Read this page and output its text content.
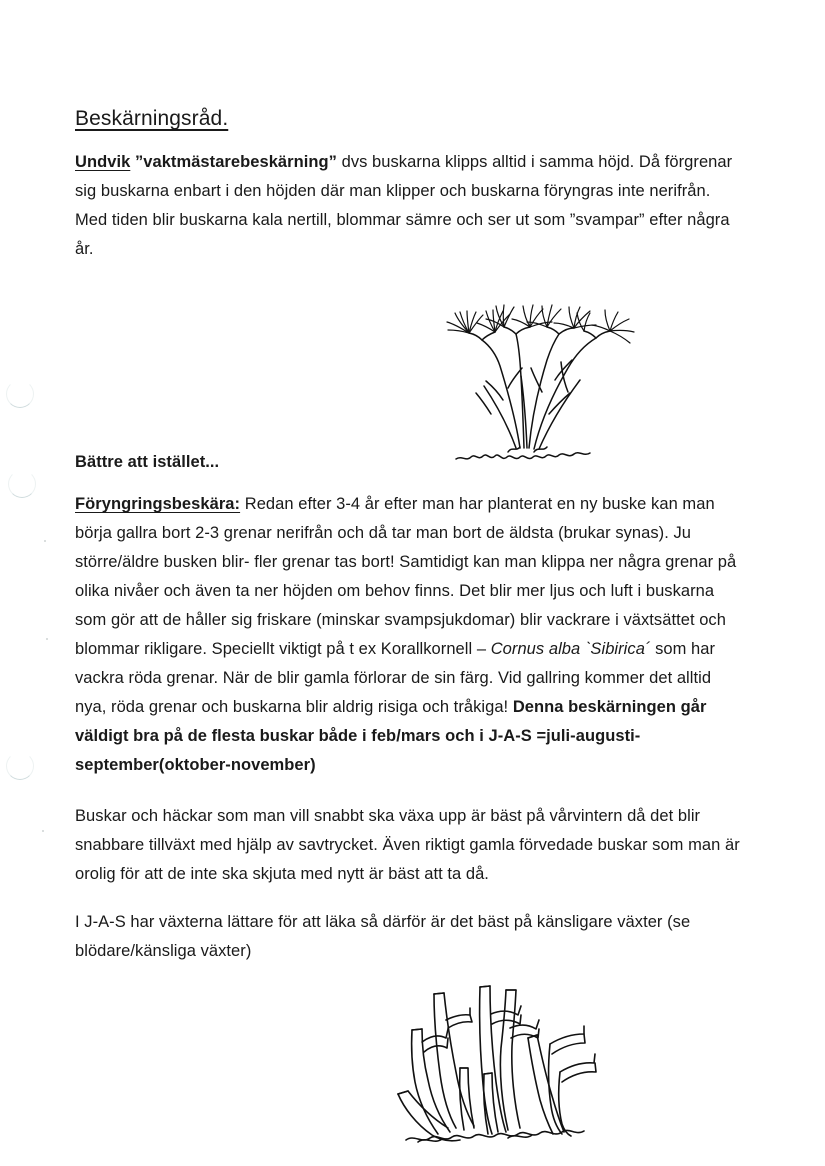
Beskärningsråd.

Undvik ”vaktmästarebeskärning” dvs buskarna klipps alltid i samma höjd. Då förgrenar sig buskarna enbart i den höjden där man klipper och buskarna föryngras inte nerifrån. Med tiden blir buskarna kala nertill, blommar sämre och ser ut som ”svampar” efter några år.

Bättre att istället...

Föryngringsbeskära: Redan efter 3-4 år efter man har planterat en ny buske kan man börja gallra bort 2-3 grenar nerifrån och då tar man bort de äldsta (brukar synas). Ju större/äldre busken blir- fler grenar tas bort! Samtidigt kan man klippa ner några grenar på olika nivåer och även ta ner höjden om behov finns. Det blir mer ljus och luft i buskarna som gör att de håller sig friskare (minskar svampsjukdomar) blir vackrare i växtsättet och blommar rikligare. Speciellt viktigt på t ex Korallkornell – Cornus alba ˋSibirica´ som har vackra röda grenar. När de blir gamla förlorar de sin färg. Vid gallring kommer det alltid nya, röda grenar och buskarna blir aldrig risiga och tråkiga! Denna beskärningen går väldigt bra på de flesta buskar både i feb/mars och i J-A-S =juli-augusti-september(oktober-november)

Buskar och häckar som man vill snabbt ska växa upp är bäst på vårvintern då det blir snabbare tillväxt med hjälp av savtrycket. Även riktigt gamla förvedade buskar som man är orolig för att de inte ska skjuta med nytt är bäst att ta då.

I J-A-S har växterna lättare för att läka så därför är det bäst på känsligare växter (se blödare/känsliga växter)
